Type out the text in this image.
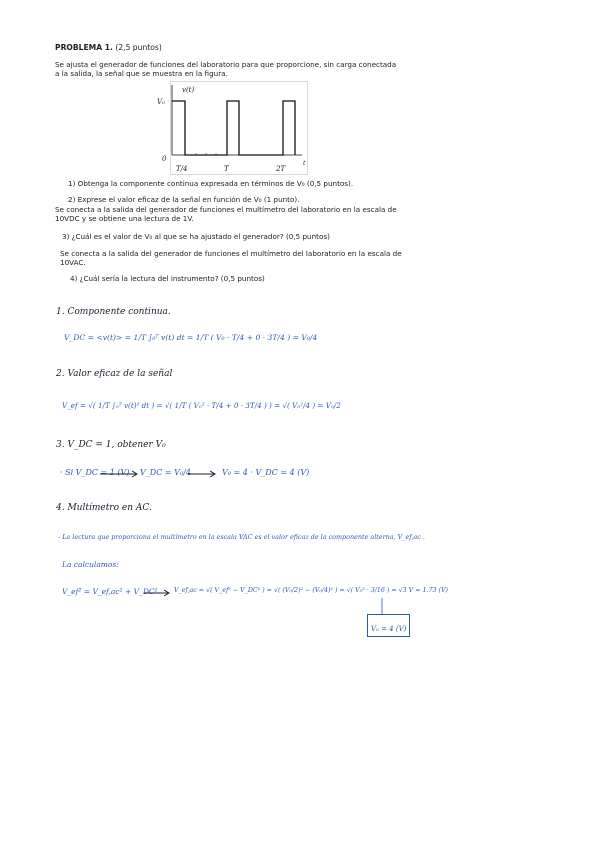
PROBLEMA 1. (2,5 puntos)
Se ajusta el generador de funciones del laboratorio para que proporcione, sin carga conectada
a la salida, la señal que se muestra en la figura.
v(t)
V₀
0
t
T/4	T	2T
1) Obtenga la componente continua expresada en términos de V₀ (0,5 puntos).
2) Exprese el valor eficaz de la señal en función de V₀ (1 punto).
Se conecta a la salida del generador de funciones el multímetro del laboratorio en la escala de
10VDC y se obtiene una lectura de 1V.
3) ¿Cuál es el valor de V₀ al que se ha ajustado el generador? (0,5 puntos)
Se conecta a la salida del generador de funciones el multímetro del laboratorio en la escala de
10VAC.
4) ¿Cuál sería la lectura del instrumento? (0,5 puntos)
1. Componente continua.
V_DC = <v(t)> = 1/T ∫₀ᵀ v(t) dt = 1/T ( V₀ · T/4 + 0 · 3T/4 ) = V₀/4
2. Valor eficaz de la señal
V_ef = √( 1/T ∫₀ᵀ v(t)² dt ) = √( 1/T ( V₀² · T/4 + 0 · 3T/4 ) ) = √( V₀²/4 ) = V₀/2
3. V_DC = 1, obtener V₀
· Si V_DC = 1 (V) V_DC = V₀/4	V₀ = 4 · V_DC = 4 (V)
4. Multímetro en AC.
- La lectura que proporciona el multímetro en la escala VAC es el valor eficaz de la componente alterna, V_ef,ac .
La calculamos:
V_ef² = V_ef,ac² + V_DC²	V_ef,ac = √( V_ef² − V_DC² ) = √( (V₀/2)² − (V₀/4)² ) = √( V₀² · 3/16 ) = √3 V ≈ 1.73 (V)
V₀ = 4 (V)
